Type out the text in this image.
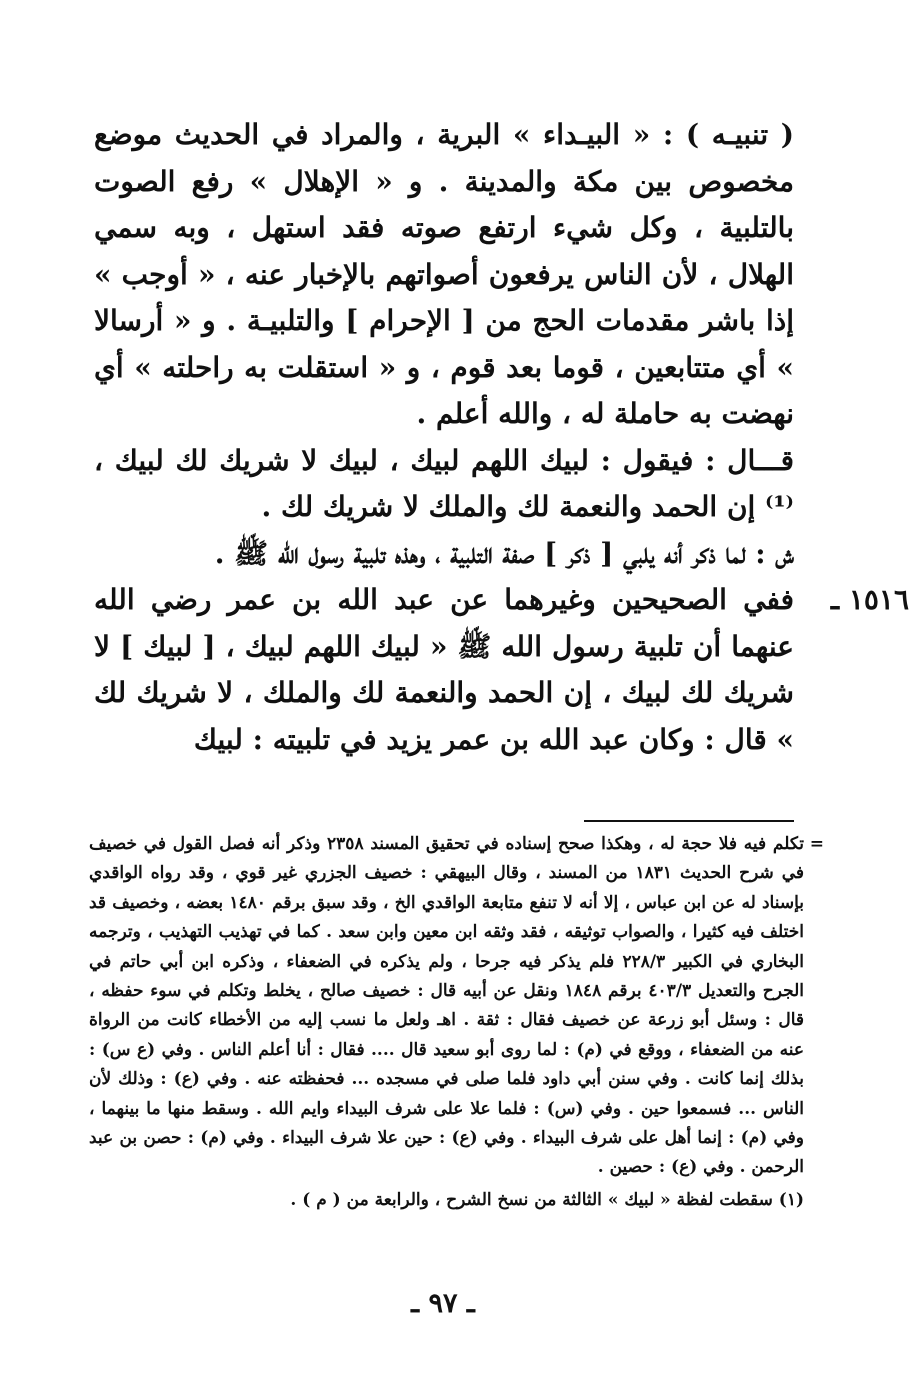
( تنبيـه ) : « البيـداء » البرية ، والمراد في الحديث موضع مخصوص بين مكة والمدينة . و « الإهلال » رفع الصوت بالتلبية ، وكل شيء ارتفع صوته فقد استهل ، وبه سمي الهلال ، لأن الناس يرفعون أصواتهم بالإخبار عنه ، « أوجب » إذا باشر مقدمات الحج من [ الإحرام ] والتلبيـة . و « أرسالا » أي متتابعين ، قوما بعد قوم ، و « استقلت به راحلته » أي نهضت به حاملة له ، والله أعلم .

قـــال : فيقول : لبيك اللهم لبيك ، لبيك لا شريك لك لبيك ،⁽¹⁾ إن الحمد والنعمة لك والملك لا شريك لك .

ش : لما ذكر أنه يلبي [ ذكر ] صفة التلبية ، وهذه تلبية رسول الله ﷺ .

١٥١٦ ـ

ففي الصحيحين وغيرهما عن عبد الله بن عمر رضي الله عنهما أن تلبية رسول الله ﷺ « لبيك اللهم لبيك ، [ لبيك ] لا شريك لك لبيك ، إن الحمد والنعمة لك والملك ، لا شريك لك » قال : وكان عبد الله بن عمر يزيد في تلبيته : لبيك

=

تكلم فيه فلا حجة له ، وهكذا صحح إسناده في تحقيق المسند ٢٣٥٨ وذكر أنه فصل القول في خصيف في شرح الحديث ١٨٣١ من المسند ، وقال البيهقي : خصيف الجزري غير قوي ، وقد رواه الواقدي بإسناد له عن ابن عباس ، إلا أنه لا تنفع متابعة الواقدي الخ ، وقد سبق برقم ١٤٨٠ بعضه ، وخصيف قد اختلف فيه كثيرا ، والصواب توثيقه ، فقد وثقه ابن معين وابن سعد . كما في تهذيب التهذيب ، وترجمه البخاري في الكبير ٢٢٨/٣ فلم يذكر فيه جرحا ، ولم يذكره في الضعفاء ، وذكره ابن أبي حاتم في الجرح والتعديل ٤٠٣/٣ برقم ١٨٤٨ ونقل عن أبيه قال : خصيف صالح ، يخلط وتكلم في سوء حفظه ، قال : وسئل أبو زرعة عن خصيف فقال : ثقة . اهـ ولعل ما نسب إليه من الأخطاء كانت من الرواة عنه من الضعفاء ، ووقع في (م) : لما روى أبو سعيد قال .... فقال : أنا أعلم الناس . وفي (ع س) : بذلك إنما كانت . وفي سنن أبي داود فلما صلى في مسجده ... فحفظته عنه . وفي (ع) : وذلك لأن الناس ... فسمعوا حين . وفي (س) : فلما علا على شرف البيداء وايم الله . وسقط منها ما بينهما ، وفي (م) : إنما أهل على شرف البيداء . وفي (ع) : حين علا شرف البيداء . وفي (م) : حصن بن عبد الرحمن . وفي (ع) : حصين .

(١) سقطت لفظة « لبيك » الثالثة من نسخ الشرح ، والرابعة من ( م ) .

ـ ٩٧ ـ
